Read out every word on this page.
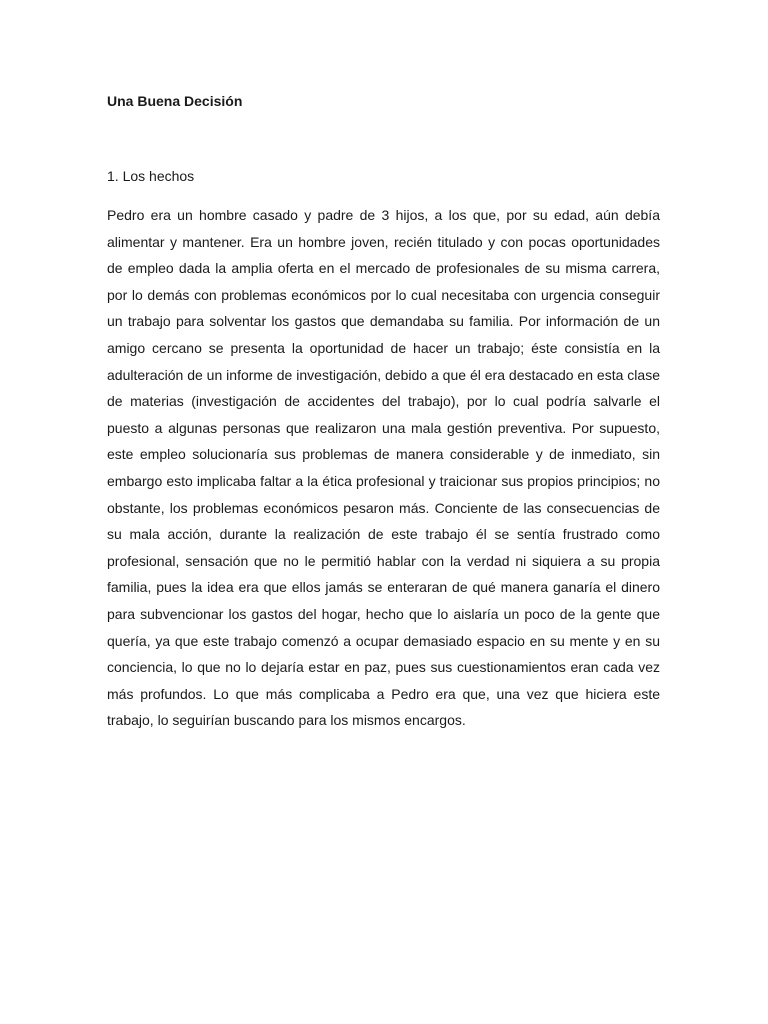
Una Buena Decisión
1. Los hechos

Pedro era un hombre casado y padre de 3 hijos, a los que, por su edad, aún debía alimentar y mantener. Era un hombre joven, recién titulado y con pocas oportunidades de empleo dada la amplia oferta en el mercado de profesionales de su misma carrera, por lo demás con problemas económicos por lo cual necesitaba con urgencia conseguir un trabajo para solventar los gastos que demandaba su familia. Por información de un amigo cercano se presenta la oportunidad de hacer un trabajo; éste consistía en la adulteración de un informe de investigación, debido a que él era destacado en esta clase de materias (investigación de accidentes del trabajo), por lo cual podría salvarle el puesto a algunas personas que realizaron una mala gestión preventiva. Por supuesto, este empleo solucionaría sus problemas de manera considerable y de inmediato, sin embargo esto implicaba faltar a la ética profesional y traicionar sus propios principios; no obstante, los problemas económicos pesaron más. Conciente de las consecuencias de su mala acción, durante la realización de este trabajo él se sentía frustrado como profesional, sensación que no le permitió hablar con la verdad ni siquiera a su propia familia, pues la idea era que ellos jamás se enteraran de qué manera ganaría el dinero para subvencionar los gastos del hogar, hecho que lo aislaría un poco de la gente que quería, ya que este trabajo comenzó a ocupar demasiado espacio en su mente y en su conciencia, lo que no lo dejaría estar en paz, pues sus cuestionamientos eran cada vez más profundos. Lo que más complicaba a Pedro era que, una vez que hiciera este trabajo, lo seguirían buscando para los mismos encargos.
